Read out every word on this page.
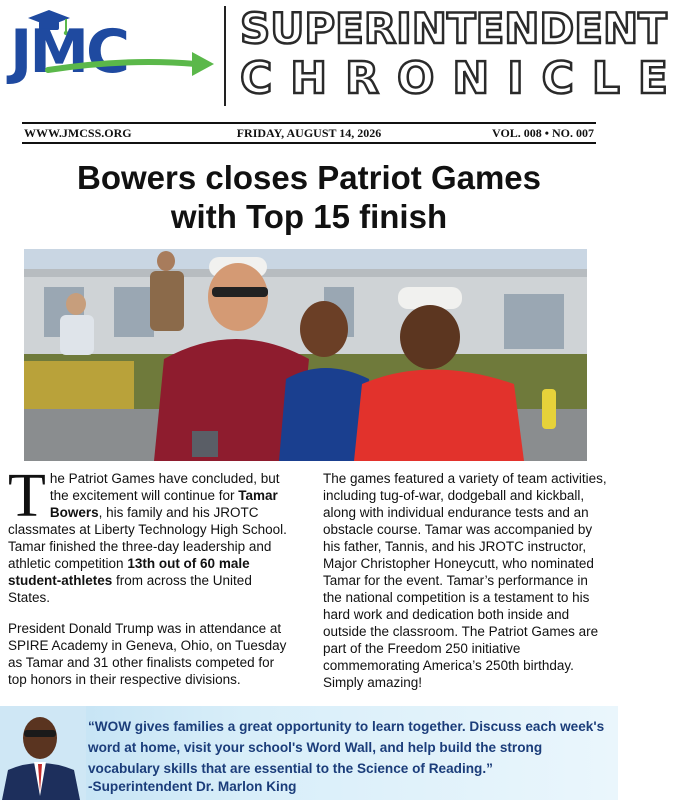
JMC	SUPERINTENDENT
CHRONICLE
WWW.JMCSS.ORG	FRIDAY, AUGUST 14, 2026	VOL. 008 • NO. 007
Bowers closes Patriot Games
with Top 15 finish

T he Patriot Games have concluded, but the excitement will continue for Tamar Bowers, his family and his JROTC classmates at Liberty Technology High School. Tamar finished the three-day leadership and athletic competition 13th out of 60 male student-athletes from across the United States.

President Donald Trump was in attendance at SPIRE Academy in Geneva, Ohio, on Tuesday as Tamar and 31 other finalists competed for top honors in their respective divisions.

The games featured a variety of team activities, including tug-of-war, dodgeball and kickball, along with individual endurance tests and an obstacle course. Tamar was accompanied by his father, Tannis, and his JROTC instructor, Major Christopher Honeycutt, who nominated Tamar for the event. Tamar’s performance in the national competition is a testament to his hard work and dedication both inside and outside the classroom. The Patriot Games are part of the Freedom 250 initiative commemorating America’s 250th birthday. Simply amazing!

“WOW gives families a great opportunity to learn together. Discuss each week's word at home, visit your school's Word Wall, and help build the strong vocabulary skills that are essential to the Science of Reading.”
-Superintendent Dr. Marlon King
